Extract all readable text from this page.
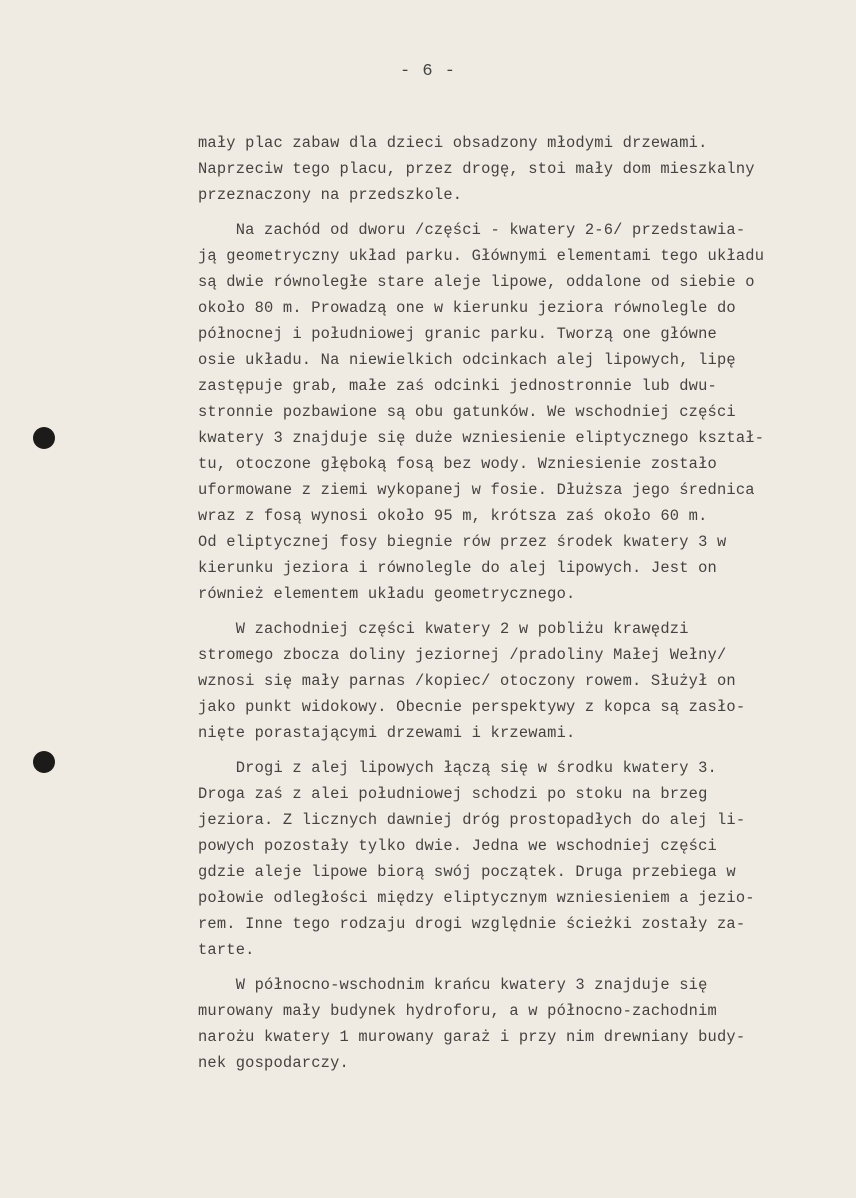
- 6 -
mały plac zabaw dla dzieci obsadzony młodymi drzewami.
Naprzeciw tego placu, przez drogę, stoi mały dom mieszkalny
przeznaczony na przedszkole.
Na zachód od dworu /części - kwatery 2-6/ przedstawia-
ją geometryczny układ parku. Głównymi elementami tego układu
są dwie równoległe stare aleje lipowe, oddalone od siebie o
około 80 m. Prowadzą one w kierunku jeziora równolegle do
północnej i południowej granic parku. Tworzą one główne
osie układu. Na niewielkich odcinkach alej lipowych, lipę
zastępuje grab, małe zaś odcinki jednostronnie lub dwu-
stronnie pozbawione są obu gatunków. We wschodniej części
kwatery 3 znajduje się duże wzniesienie eliptycznego kształ-
tu, otoczone głęboką fosą bez wody. Wzniesienie zostało
uformowane z ziemi wykopanej w fosie. Dłuższa jego średnica
wraz z fosą wynosi około 95 m, krótsza zaś około 60 m.
Od eliptycznej fosy biegnie rów przez środek kwatery 3 w
kierunku jeziora i równolegle do alej lipowych. Jest on
również elementem układu geometrycznego.
W zachodniej części kwatery 2 w pobliżu krawędzi
stromego zbocza doliny jeziornej /pradoliny Małej Wełny/
wznosi się mały parnas /kopiec/ otoczony rowem. Służył on
jako punkt widokowy. Obecnie perspektywy z kopca są zasło-
nięte porastającymi drzewami i krzewami.
Drogi z alej lipowych łączą się w środku kwatery 3.
Droga zaś z alei południowej schodzi po stoku na brzeg
jeziora. Z licznych dawniej dróg prostopadłych do alej li-
powych pozostały tylko dwie. Jedna we wschodniej części
gdzie aleje lipowe biorą swój początek. Druga przebiega w
połowie odległości między eliptycznym wzniesieniem a jezio-
rem. Inne tego rodzaju drogi względnie ścieżki zostały za-
tarte.
W północno-wschodnim krańcu kwatery 3 znajduje się
murowany mały budynek hydroforu, a w północno-zachodnim
narożu kwatery 1 murowany garaż i przy nim drewniany budy-
nek gospodarczy.
